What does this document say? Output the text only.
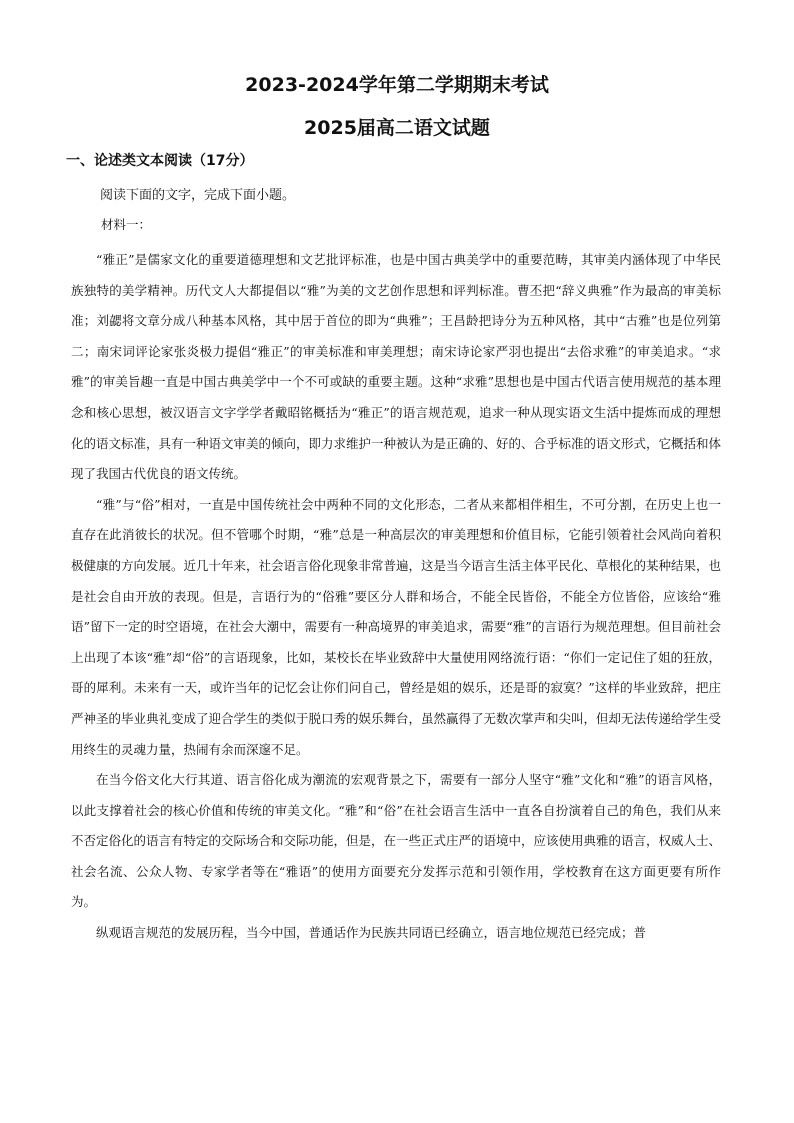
2023-2024学年第二学期期末考试
2025届高二语文试题
一、论述类文本阅读（17分）
阅读下面的文字，完成下面小题。
材料一：

“雅正”是儒家文化的重要道德理想和文艺批评标准，也是中国古典美学中的重要范畴，其审美内涵体现了中华民族独特的美学精神。历代文人大都提倡以“雅”为美的文艺创作思想和评判标准。曹丕把“辞义典雅”作为最高的审美标准；刘勰将文章分成八种基本风格，其中居于首位的即为“典雅”；王昌龄把诗分为五种风格，其中“古雅”也是位列第二；南宋词评论家张炎极力提倡“雅正”的审美标准和审美理想；南宋诗论家严羽也提出“去俗求雅”的审美追求。“求雅”的审美旨趣一直是中国古典美学中一个不可或缺的重要主题。这种“求雅”思想也是中国古代语言使用规范的基本理念和核心思想，被汉语言文字学学者戴昭铭概括为“雅正”的语言规范观，追求一种从现实语文生活中提炼而成的理想化的语文标准，具有一种语文审美的倾向，即力求维护一种被认为是正确的、好的、合乎标准的语文形式，它概括和体现了我国古代优良的语文传统。

“雅”与“俗”相对，一直是中国传统社会中两种不同的文化形态，二者从来都相伴相生，不可分割，在历史上也一直存在此消彼长的状况。但不管哪个时期，“雅”总是一种高层次的审美理想和价值目标，它能引领着社会风尚向着积极健康的方向发展。近几十年来，社会语言俗化现象非常普遍，这是当今语言生活主体平民化、草根化的某种结果，也是社会自由开放的表现。但是，言语行为的“俗雅”要区分人群和场合，不能全民皆俗，不能全方位皆俗，应该给“雅语”留下一定的时空语境，在社会大潮中，需要有一种高境界的审美追求，需要“雅”的言语行为规范理想。但目前社会上出现了本该“雅”却“俗”的言语现象，比如，某校长在毕业致辞中大量使用网络流行语：“你们一定记住了姐的狂放，哥的犀利。未来有一天，或许当年的记忆会让你们问自己，曾经是姐的娱乐，还是哥的寂寞？”这样的毕业致辞，把庄严神圣的毕业典礼变成了迎合学生的类似于脱口秀的娱乐舞台，虽然赢得了无数次掌声和尖叫，但却无法传递给学生受用终生的灵魂力量，热闹有余而深邃不足。

在当今俗文化大行其道、语言俗化成为潮流的宏观背景之下，需要有一部分人坚守“雅”文化和“雅”的语言风格，以此支撑着社会的核心价值和传统的审美文化。“雅”和“俗”在社会语言生活中一直各自扮演着自己的角色，我们从来不否定俗化的语言有特定的交际场合和交际功能，但是，在一些正式庄严的语境中，应该使用典雅的语言，权威人士、社会名流、公众人物、专家学者等在“雅语”的使用方面要充分发挥示范和引领作用，学校教育在这方面更要有所作为。

纵观语言规范的发展历程，当今中国，普通话作为民族共同语已经确立，语言地位规范已经完成；普
